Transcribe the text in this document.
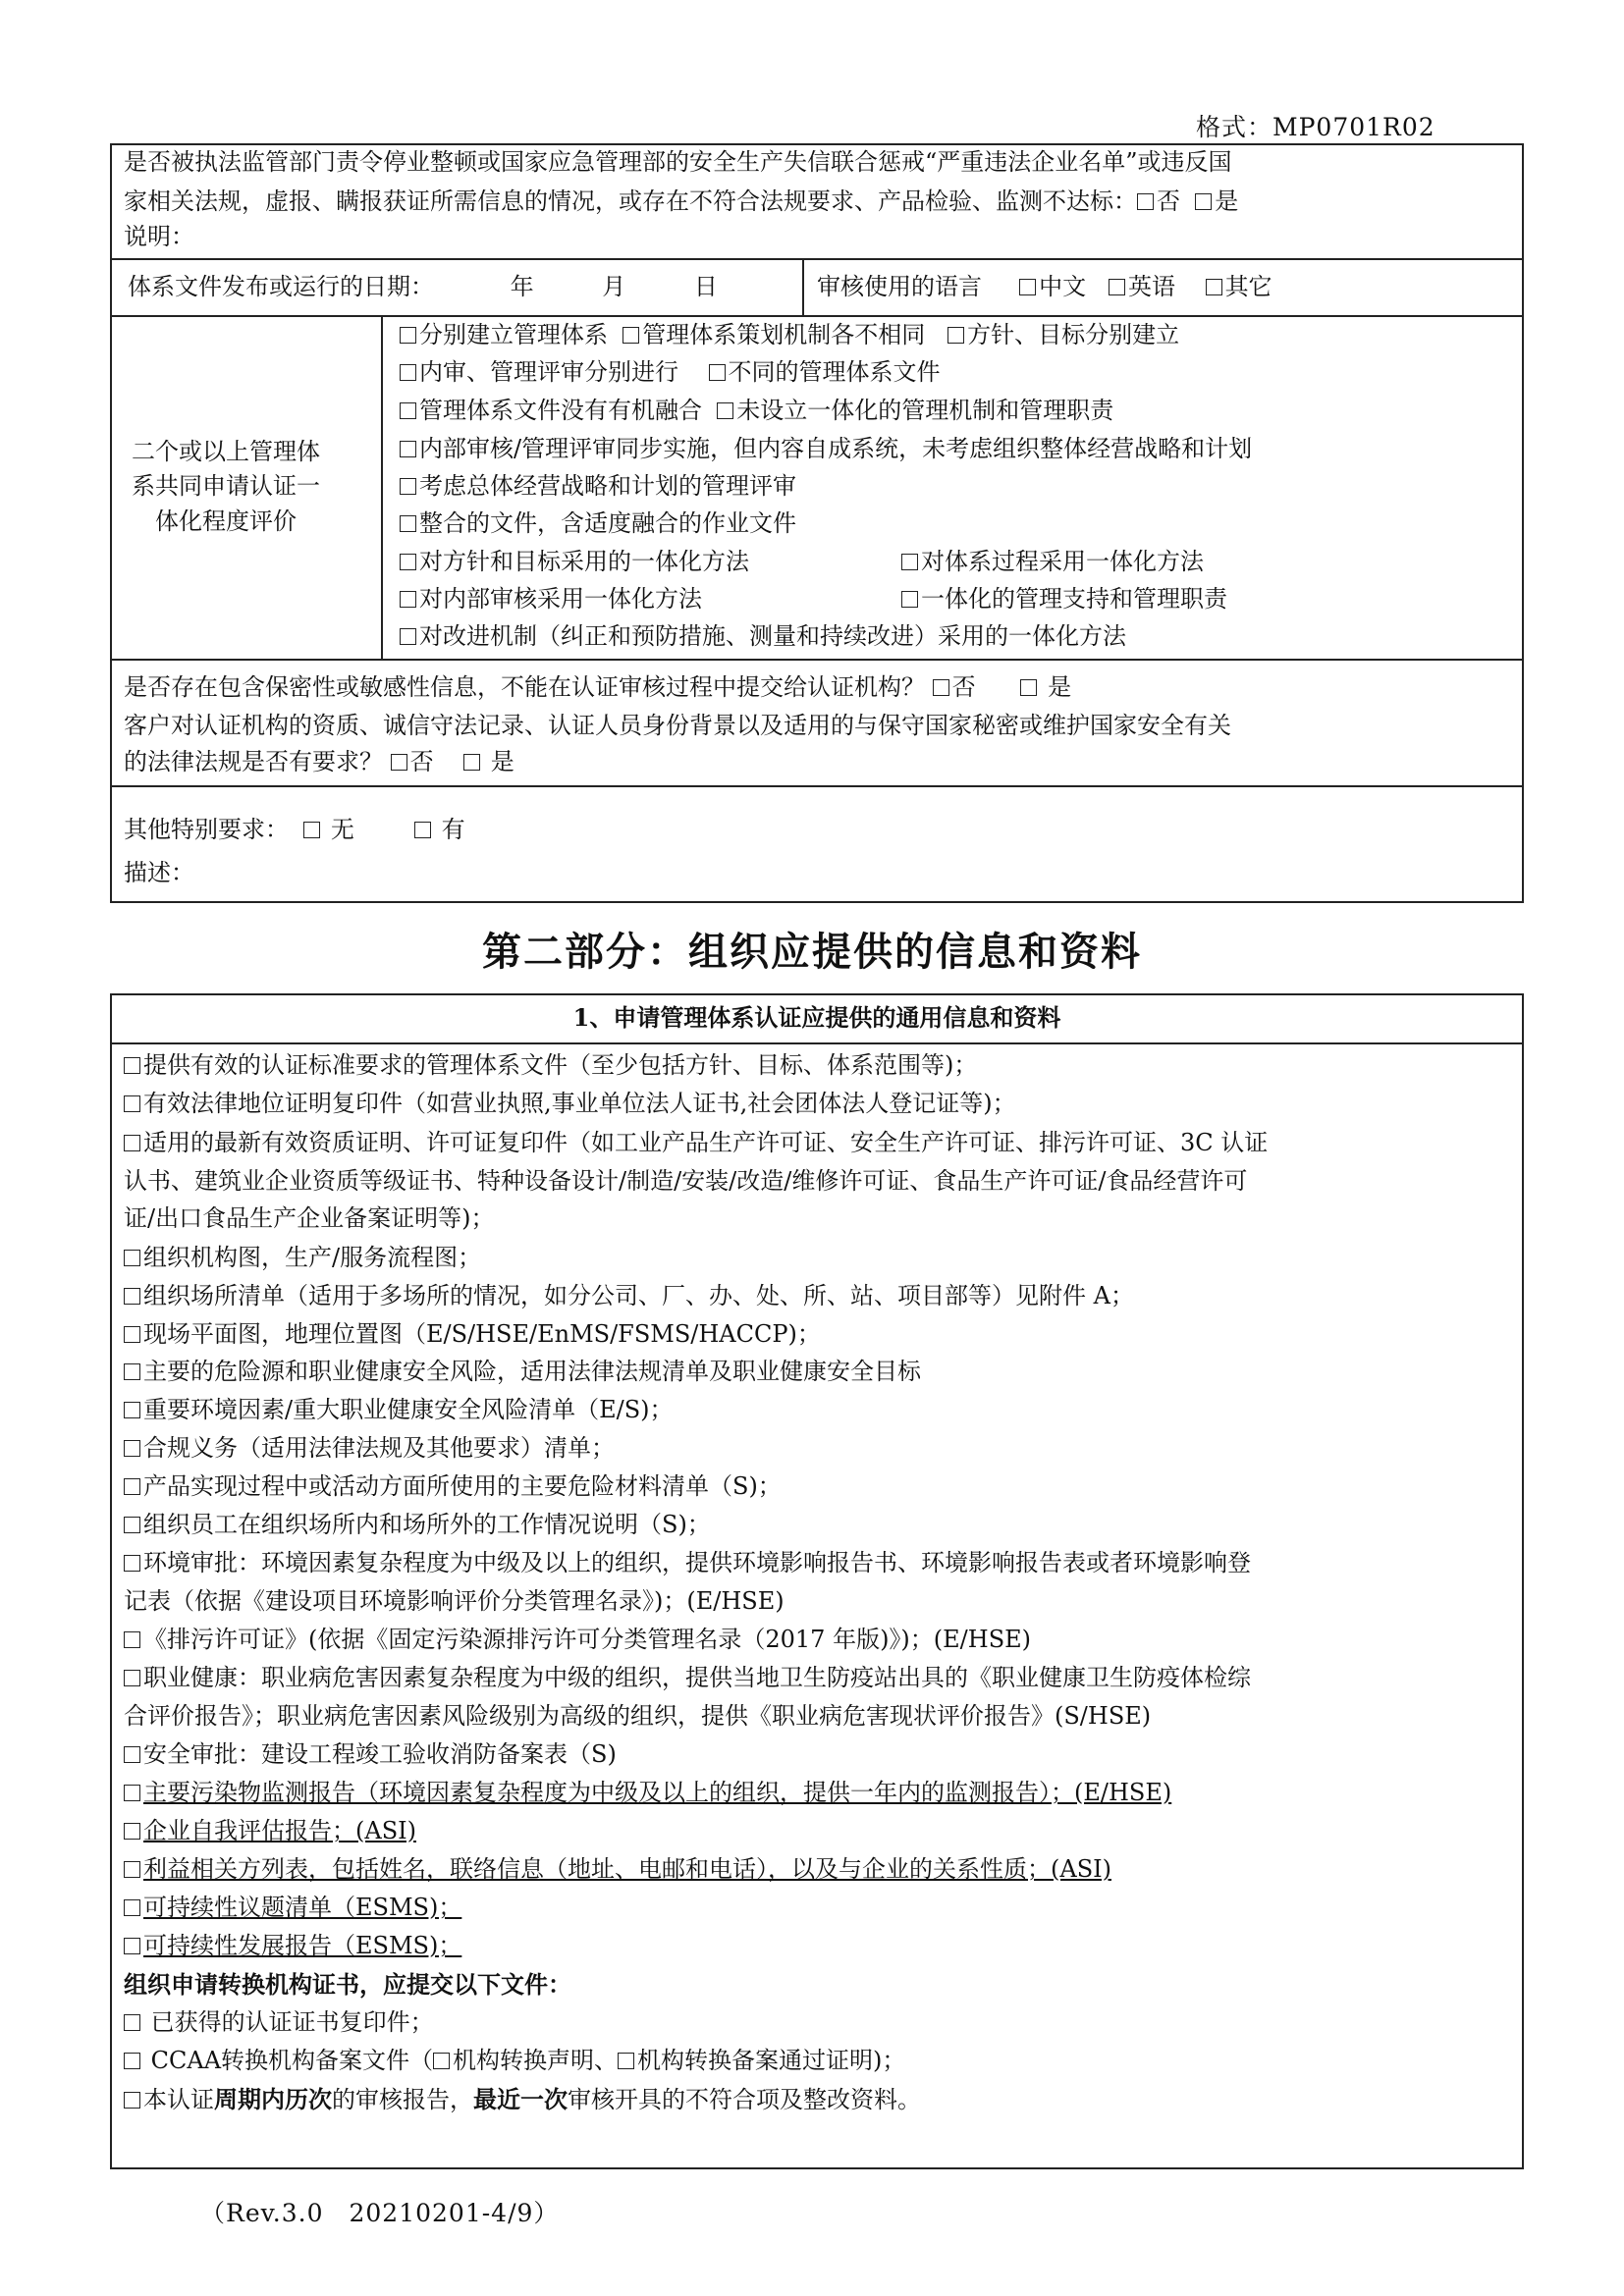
格式：MP0701R02
是否被执法监管部门责令停业整顿或国家应急管理部的安全生产失信联合惩戒“严重违法企业名单”或违反国
家相关法规，虚报、瞒报获证所需信息的情况，或存在不符合法规要求、产品检验、监测不达标： 否 是
说明：
体系文件发布或运行的日期：	年	月	日	审核使用的语言 中文 英语 其它
二个或以上管理体
系共同申请认证一
体化程度评价
分别建立管理体系 管理体系策划机制各不相同 方针、目标分别建立
内审、管理评审分别进行 不同的管理体系文件
管理体系文件没有有机融合 未设立一体化的管理机制和管理职责
内部审核/管理评审同步实施，但内容自成系统，未考虑组织整体经营战略和计划
考虑总体经营战略和计划的管理评审
整合的文件，含适度融合的作业文件
对方针和目标采用的一体化方法	对体系过程采用一体化方法
对内部审核采用一体化方法	一体化的管理支持和管理职责
对改进机制（纠正和预防措施、测量和持续改进）采用的一体化方法
是否存在包含保密性或敏感性信息，不能在认证审核过程中提交给认证机构？ 否	是
客户对认证机构的资质、诚信守法记录、认证人员身份背景以及适用的与保守国家秘密或维护国家安全有关
的法律法规是否有要求？ 否 是
其他特别要求： 无	有
描述：
第二部分：组织应提供的信息和资料
1、申请管理体系认证应提供的通用信息和资料
提供有效的认证标准要求的管理体系文件（至少包括方针、目标、体系范围等)；
有效法律地位证明复印件（如营业执照,事业单位法人证书,社会团体法人登记证等)；
适用的最新有效资质证明、许可证复印件（如工业产品生产许可证、安全生产许可证、排污许可证、3C 认证
认书、建筑业企业资质等级证书、特种设备设计/制造/安装/改造/维修许可证、食品生产许可证/食品经营许可
证/出口食品生产企业备案证明等)；
组织机构图，生产/服务流程图；
组织场所清单（适用于多场所的情况，如分公司、厂、办、处、所、站、项目部等）见附件 A；
现场平面图，地理位置图（E/S/HSE/EnMS/FSMS/HACCP)；
主要的危险源和职业健康安全风险，适用法律法规清单及职业健康安全目标
重要环境因素/重大职业健康安全风险清单（E/S)；
合规义务（适用法律法规及其他要求）清单；
产品实现过程中或活动方面所使用的主要危险材料清单（S)；
组织员工在组织场所内和场所外的工作情况说明（S)；
环境审批：环境因素复杂程度为中级及以上的组织，提供环境影响报告书、环境影响报告表或者环境影响登
记表（依据《建设项目环境影响评价分类管理名录》)；(E/HSE)
《排污许可证》(依据《固定污染源排污许可分类管理名录（2017 年版)》)；(E/HSE)
职业健康：职业病危害因素复杂程度为中级的组织，提供当地卫生防疫站出具的《职业健康卫生防疫体检综
合评价报告》；职业病危害因素风险级别为高级的组织，提供《职业病危害现状评价报告》(S/HSE)
安全审批：建设工程竣工验收消防备案表（S)
主要污染物监测报告（环境因素复杂程度为中级及以上的组织，提供一年内的监测报告）；(E/HSE)
企业自我评估报告；(ASI)
利益相关方列表，包括姓名，联络信息（地址、电邮和电话），以及与企业的关系性质；(ASI)
可持续性议题清单（ESMS)；
可持续性发展报告（ESMS)；
组织申请转换机构证书，应提交以下文件：
已获得的认证证书复印件；
CCAA转换机构备案文件（ 机构转换声明、 机构转换备案通过证明)；
本认证周期内历次的审核报告，最近一次审核开具的不符合项及整改资料。
（Rev.3.0　20210201-4/9）
